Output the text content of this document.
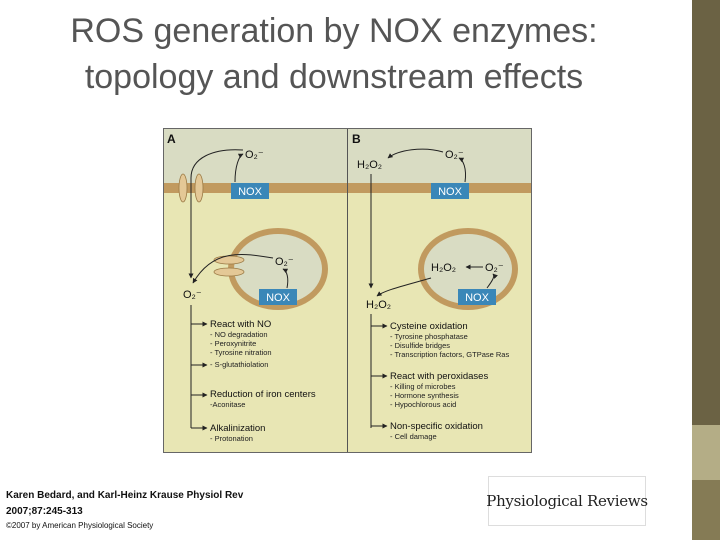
ROS generation by NOX enzymes:
topology and downstream effects
A
NOX
O₂⁻
NOX
O₂⁻
O₂⁻
React with NO
- NO degradation
- Peroxynitrite
- Tyrosine nitration
- S-glutathiolation
Reduction of iron centers
-Aconitase
Alkalinization
- Protonation
B
H₂O₂
O₂⁻
NOX
NOX
H₂O₂	O₂⁻
H₂O₂
Cysteine oxidation
- Tyrosine phosphatase
- Disulfide bridges
- Transcription factors, GTPase Ras
React with peroxidases
- Killing of microbes
- Hormone synthesis
- Hypochlorous acid
Non-specific oxidation
- Cell damage
Karen Bedard, and Karl-Heinz Krause Physiol Rev
2007;87:245-313
©2007 by American Physiological Society
Physiological Reviews
